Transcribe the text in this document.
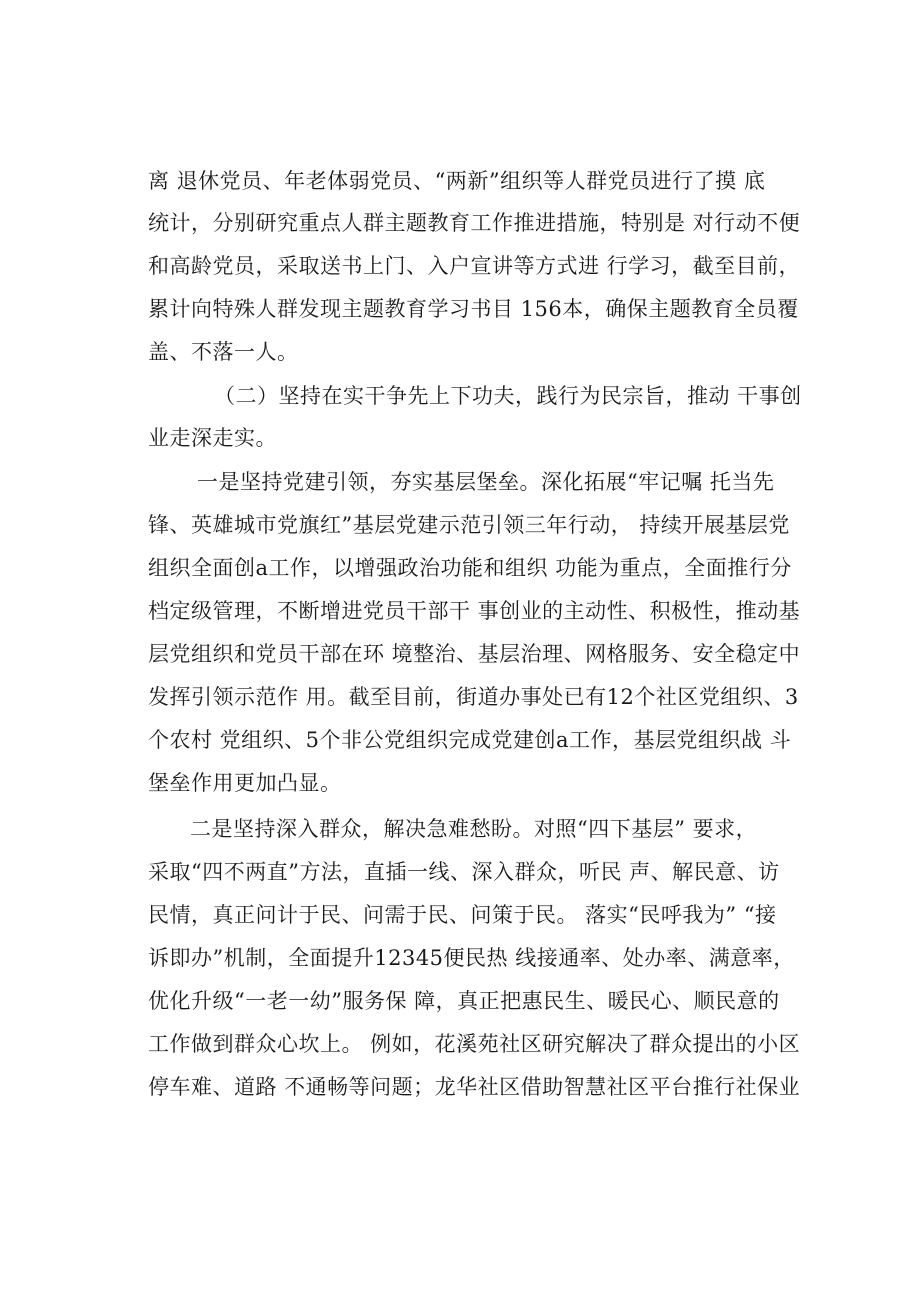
离 退休党员、年老体弱党员、“两新”组织等人群党员进行了摸 底
统计，分别研究重点人群主题教育工作推进措施，特别是 对行动不便
和高龄党员，采取送书上门、入户宣讲等方式进 行学习，截至目前，
累计向特殊人群发现主题教育学习书目 156本，确保主题教育全员覆
盖、不落一人。
（二）坚持在实干争先上下功夫，践行为民宗旨，推动 干事创
业走深走实。
一是坚持党建引领，夯实基层堡垒。深化拓展“牢记嘱 托当先
锋、英雄城市党旗红”基层党建示范引领三年行动， 持续开展基层党
组织全面创a工作，以增强政治功能和组织 功能为重点，全面推行分
档定级管理，不断增进党员干部干 事创业的主动性、积极性，推动基
层党组织和党员干部在环 境整治、基层治理、网格服务、安全稳定中
发挥引领示范作 用。截至目前，街道办事处已有12个社区党组织、3
个农村 党组织、5个非公党组织完成党建创a工作，基层党组织战 斗
堡垒作用更加凸显。
二是坚持深入群众，解决急难愁盼。对照“四下基层” 要求，
采取“四不两直”方法，直插一线、深入群众，听民 声、解民意、访
民情，真正问计于民、问需于民、问策于民。 落实“民呼我为” “接
诉即办”机制，全面提升12345便民热 线接通率、处办率、满意率，
优化升级“一老一幼”服务保 障，真正把惠民生、暖民心、顺民意的
工作做到群众心坎上。 例如，花溪苑社区研究解决了群众提出的小区
停车难、道路 不通畅等问题；龙华社区借助智慧社区平台推行社保业
